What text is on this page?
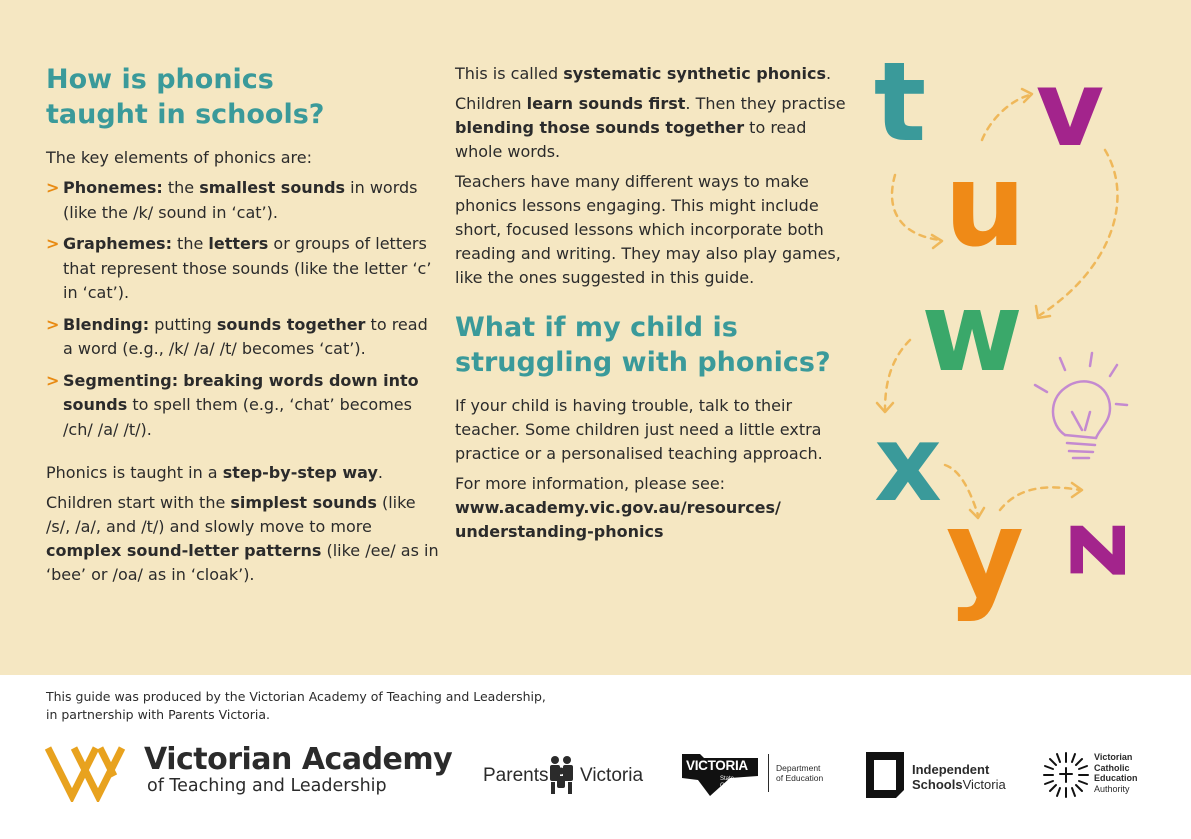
How is phonics
taught in schools?

The key elements of phonics are:

> Phonemes: the smallest sounds in words (like the /k/ sound in ‘cat’).
> Graphemes: the letters or groups of letters that represent those sounds (like the letter ‘c’ in ‘cat’).
> Blending: putting sounds together to read a word (e.g., /k/ /a/ /t/ becomes ‘cat’).
> Segmenting: breaking words down into sounds to spell them (e.g., ‘chat’ becomes /ch/ /a/ /t/).

Phonics is taught in a step-by-step way.

Children start with the simplest sounds (like /s/, /a/, and /t/) and slowly move to more complex sound-letter patterns (like /ee/ as in ‘bee’ or /oa/ as in ‘cloak’).

This is called systematic synthetic phonics.

Children learn sounds first. Then they practise blending those sounds together to read whole words.

Teachers have many different ways to make phonics lessons engaging. This might include short, focused lessons which incorporate both reading and writing. They may also play games, like the ones suggested in this guide.

What if my child is
struggling with phonics?

If your child is having trouble, talk to their teacher. Some children just need a little extra practice or a personalised teaching approach.

For more information, please see:

www.academy.vic.gov.au/resources/
understanding-phonics

t v
u
w
x
y z
This guide was produced by the Victorian Academy of Teaching and Leadership,
in partnership with Parents Victoria.
Victorian Academy
of Teaching and Leadership	Parents Victoria	VICTORIA
State
Government
Department
of Education
Independent
SchoolsVictoria
Victorian
Catholic
Education
Authority
